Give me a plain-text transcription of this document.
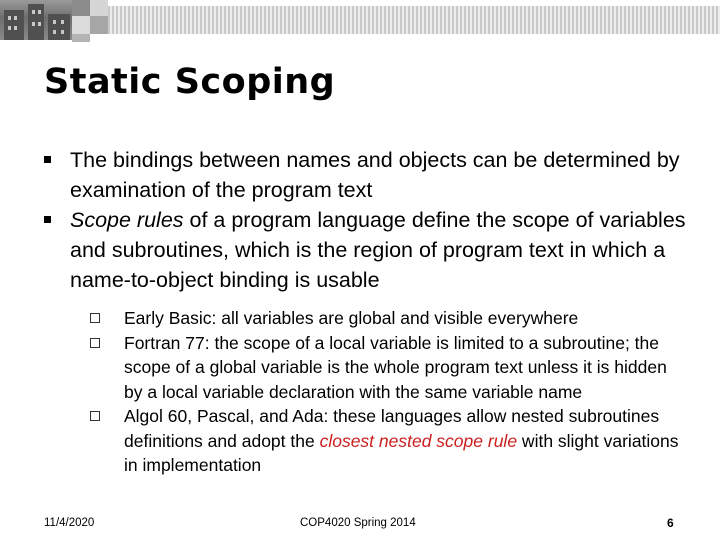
Static Scoping
The bindings between names and objects can be determined by examination of the program text
Scope rules of a program language define the scope of variables and subroutines, which is the region of program text in which a name-to-object binding is usable
Early Basic: all variables are global and visible everywhere
Fortran 77: the scope of a local variable is limited to a subroutine; the scope of a global variable is the whole program text unless it is hidden by a local variable declaration with the same variable name
Algol 60, Pascal, and Ada: these languages allow nested subroutines definitions and adopt the closest nested scope rule with slight variations in implementation
11/4/2020	COP4020 Spring 2014	6
